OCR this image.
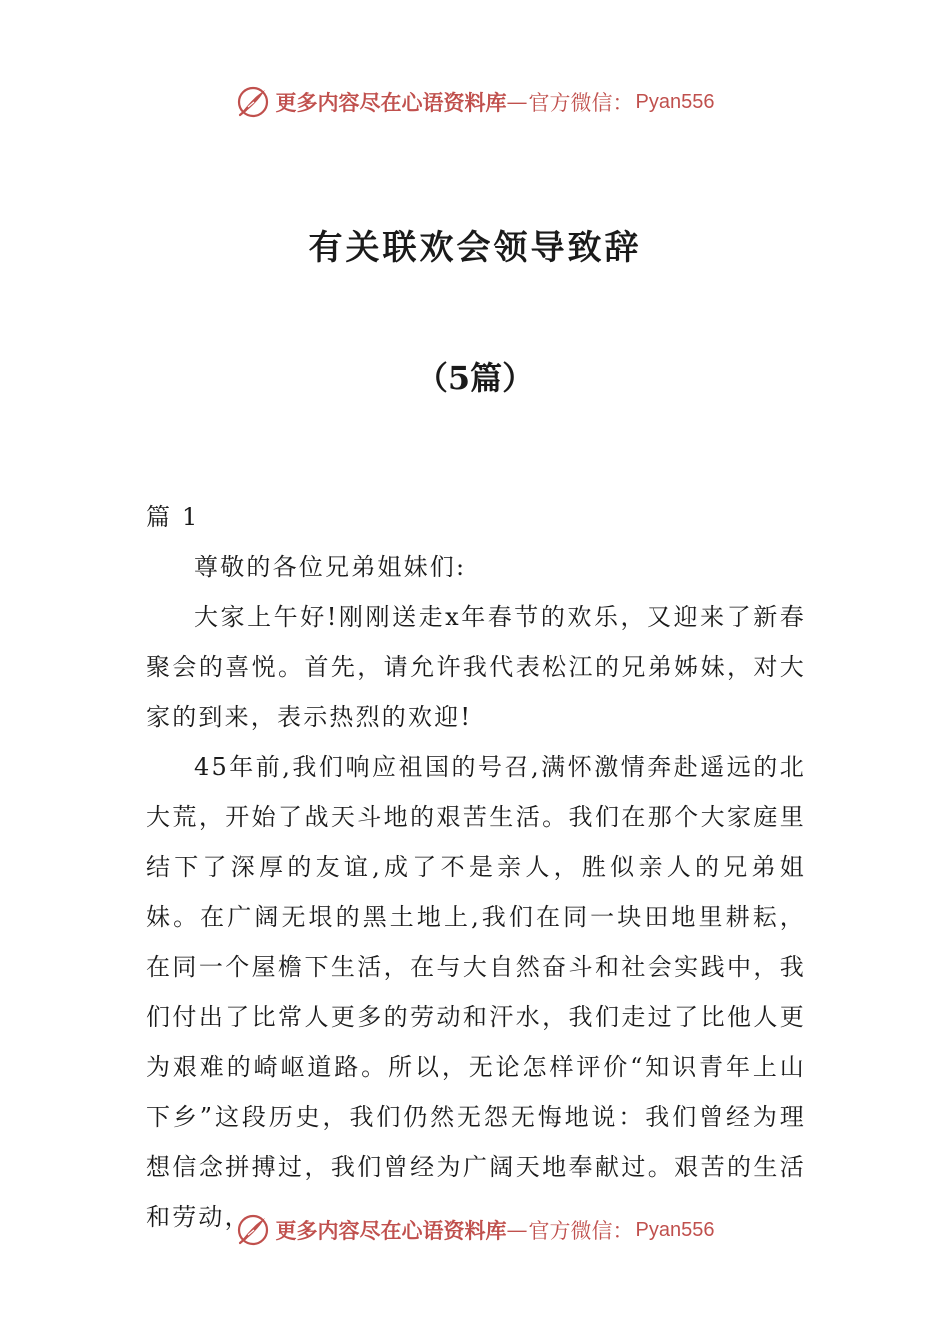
更多内容尽在心语资料库 — 官方微信： Pyan556
有关联欢会领导致辞
（5篇）

篇 1

尊敬的各位兄弟姐妹们:

大家上午好!刚刚送走x年春节的欢乐，又迎来了新春聚会的喜悦。首先，请允许我代表松江的兄弟姊妹，对大家的到来，表示热烈的欢迎!

45年前,我们响应祖国的号召,满怀激情奔赴遥远的北大荒，开始了战天斗地的艰苦生活。我们在那个大家庭里结下了深厚的友谊,成了不是亲人，胜似亲人的兄弟姐妹。在广阔无垠的黑土地上,我们在同一块田地里耕耘，在同一个屋檐下生活，在与大自然奋斗和社会实践中，我们付出了比常人更多的劳动和汗水，我们走过了比他人更为艰难的崎岖道路。所以，无论怎样评价“知识青年上山下乡”这段历史，我们仍然无怨无悔地说：我们曾经为理想信念拼搏过，我们曾经为广阔天地奉献过。艰苦的生活和劳动，	更多内容尽在心语资料库 — 官方微信： Pyan556
